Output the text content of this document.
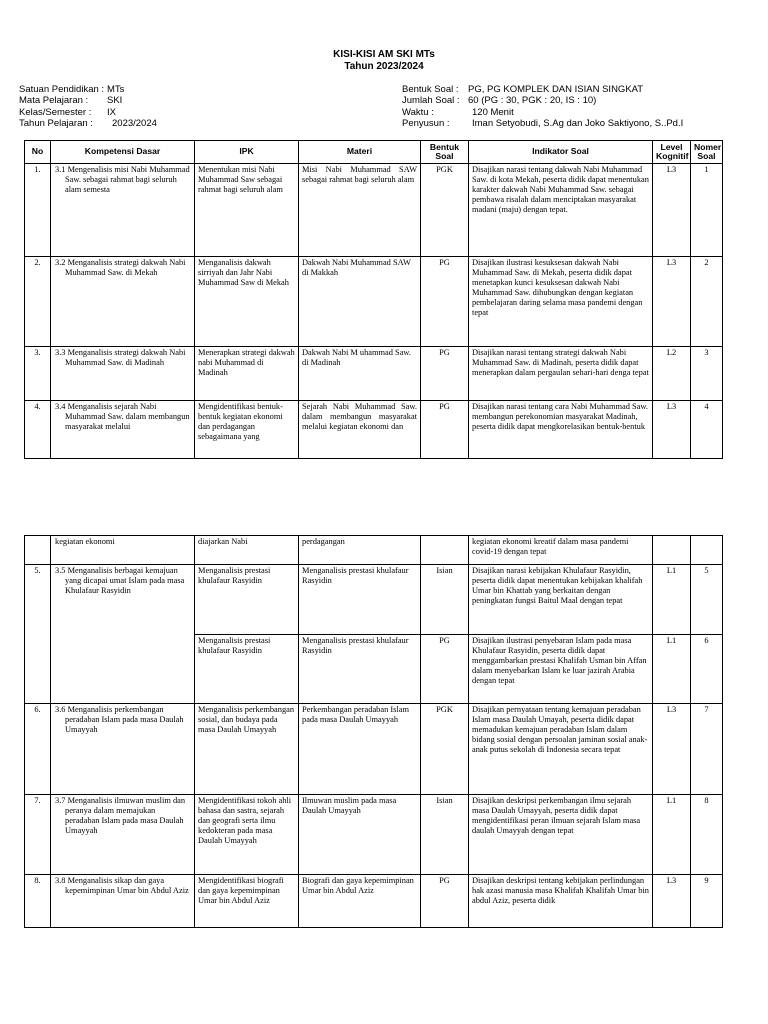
KISI-KISI AM SKI MTs
Tahun 2023/2024
Satuan Pendidikan : MTs
Mata Pelajaran :	SKI
Kelas/Semester :	IX
Tahun Pelajaran :	2023/2024
Bentuk Soal : PG, PG KOMPLEK DAN ISIAN SINGKAT
Jumlah Soal : 60 (PG : 30, PGK : 20, IS : 10)
Waktu :	120 Menit
Penyusun :	Iman Setyobudi, S.Ag dan Joko Saktiyono, S..Pd.I
No	Kompetensi Dasar	IPK	Materi	Bentuk Soal	Indikator Soal	Level Kognitif	Nomer Soal
1.	3.1 Mengenalisis misi Nabi Muhammad Saw. sebagai rahmat bagi seluruh alam semesta	Menentukan misi Nabi Muhammad Saw sebagai rahmat bagi seluruh alam	Misi Nabi Muhammad SAW sebagai rahmat bagi seluruh alam	PGK	Disajikan narasi tentang dakwah Nabi Muhammad Saw. di kota Mekah, peserta didik dapat menentukan karakter dakwah Nabi Muhammad Saw. sebagai pembawa risalah dalam menciptakan masyarakat madani (maju) dengan tepat.	L3	1
2.	3.2 Menganalisis strategi dakwah Nabi Muhammad Saw. di Mekah	Menganalisis dakwah sirriyah dan Jahr Nabi Muhammad Saw di Mekah	Dakwah Nabi Muhammad SAW di Makkah	PG	Disajikan ilustrasi kesuksesan dakwah Nabi Muhammad Saw. di Mekah, peserta didik dapat menetapkan kunci kesuksesan dakwah Nabi Muhammad Saw. dihubungkan dengan kegiatan pembelajaran daring selama masa pandemi dengan tepat	L3	2
3.	3.3 Menganalisis strategi dakwah Nabi Muhammad Saw. di Madinah	Menerapkan strategi dakwah nabi Muhammad di Madinah	Dakwah Nabi M uhammad Saw. di Madinah	PG	Disajikan narasi tentang strategi dakwah Nabi Muhammad Saw. di Madinah, peserta didik dapat menerapkan dalam pergaulan sehari-hari denga tepat	L2	3
4.	3.4 Menganalisis sejarah Nabi Muhammad Saw. dalam membangun masyarakat melalui	Mengidentifikasi bentuk-bentuk kegiatan ekonomi dan perdagangan sebagaimana yang	Sejarah Nabi Muhammad Saw. dalam membangun masyarakat melalui kegiatan ekonomi dan	PG	Disajikan narasi tentang cara Nabi Muhammad Saw. membangun perekonomian masyarakat Madinah, peserta didik dapat mengkorelasikan bentuk-bentuk	L3	4
	kegiatan ekonomi	diajarkan Nabi	perdagangan		kegiatan ekonomi kreatif dalam masa pandemi covid-19 dengan tepat		
5.	3.5 Menganalisis berbagai kemajuan yang dicapai umat Islam pada masa Khulafaur Rasyidin	Menganalisis prestasi khulafaur Rasyidin	Menganalisis prestasi khulafaur Rasyidin	Isian	Disajikan narasi kebijakan Khulafaur Rasyidin, peserta didik dapat menentukan kebijakan khalifah Umar bin Khattab yang berkaitan dengan peningkatan fungsi Baitul Maal dengan tepat	L1	5
		Menganalisis prestasi khulafaur Rasyidin	Menganalisis prestasi khulafaur Rasyidin	PG	Disajikan ilustrasi penyebaran Islam pada masa Khulafaur Rasyidin, peserta didik dapat menggambarkan prestasi Khalifah Usman bin Affan dalam menyebarkan Islam ke luar jazirah Arabia dengan tepat	L1	6
6.	3.6 Menganalisis perkembangan peradaban Islam pada masa Daulah Umayyah	Menganalisis perkembangan sosial, dan budaya pada masa Daulah Umayyah	Perkembangan peradaban Islam pada masa Daulah Umayyah	PGK	Disajikan pernyataan tentang kemajuan peradaban Islam masa Daulah Umayah, peserta didik dapat memadukan kemajuan peradaban Islam dalam bidang sosial dengan persoalan jaminan sosial anak-anak putus sekolah di Indonesia secara tepat	L3	7
7.	3.7 Menganalisis ilmuwan muslim dan peranya dalam memajukan peradaban Islam pada masa Daulah Umayyah	Mengidentifikasi tokoh ahli bahasa dan sastra, sejarah dan geografi serta ilmu kedokteran pada masa Daulah Umayyah	Ilmuwan muslim pada masa Daulah Umayyah	Isian	Disajikan deskripsi perkembangan ilmu sejarah masa Daulah Umayyah, peserta didik dapat mengidentifikasi peran ilmuan sejarah Islam masa daulah Umayyah dengan tepat	L1	8
8.	3.8 Menganalisis sikap dan gaya kepemimpinan Umar bin Abdul Aziz	Mengidentifikasi biografi dan gaya kepemimpinan Umar bin Abdul Aziz	Biografi dan gaya kepemimpinan Umar bin Abdul Aziz	PG	Disajikan deskripsi tentang kebijakan perlindungan hak azasi manusia masa Khalifah Khalifah Umar bin abdul Aziz, peserta didik	L3	9
